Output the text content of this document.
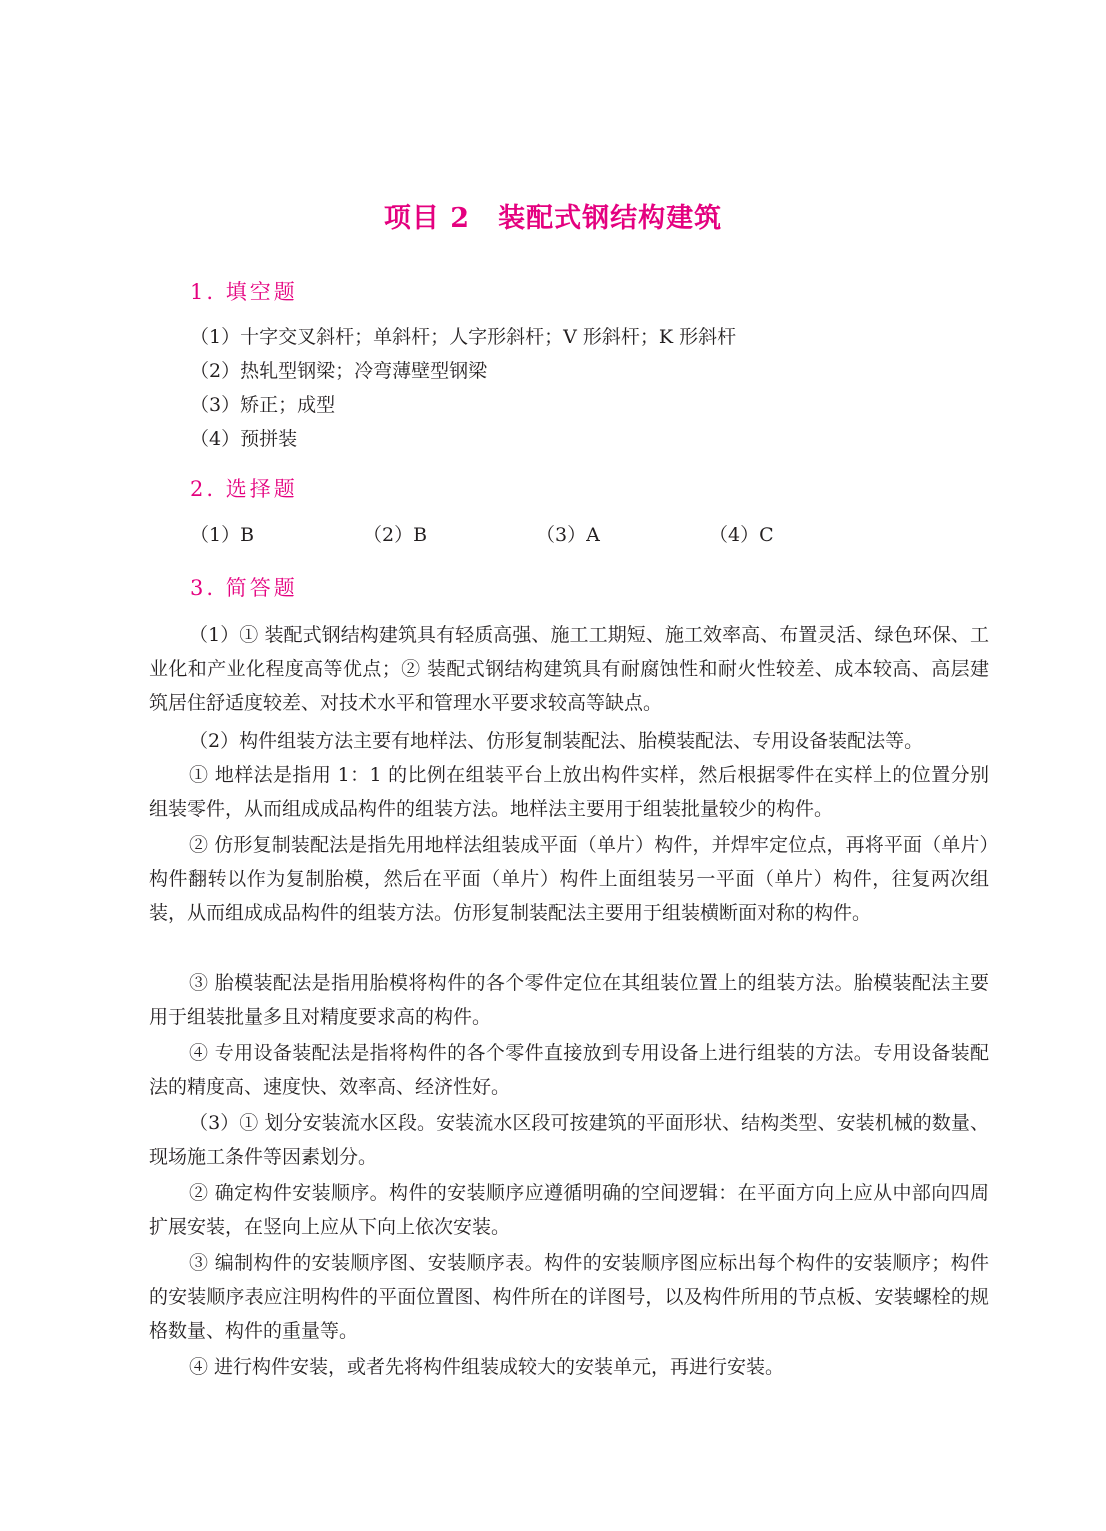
项目 2　装配式钢结构建筑
1. 填空题
（1）十字交叉斜杆；单斜杆；人字形斜杆；V 形斜杆；K 形斜杆
（2）热轧型钢梁；冷弯薄壁型钢梁
（3）矫正；成型
（4）预拼装
2. 选择题
（1）B	（2）B	（3）A	（4）C
3. 简答题
（1）① 装配式钢结构建筑具有轻质高强、施工工期短、施工效率高、布置灵活、绿色环保、工业化和产业化程度高等优点；② 装配式钢结构建筑具有耐腐蚀性和耐火性较差、成本较高、高层建筑居住舒适度较差、对技术水平和管理水平要求较高等缺点。
（2）构件组装方法主要有地样法、仿形复制装配法、胎模装配法、专用设备装配法等。
① 地样法是指用 1：1 的比例在组装平台上放出构件实样，然后根据零件在实样上的位置分别组装零件，从而组成成品构件的组装方法。地样法主要用于组装批量较少的构件。
② 仿形复制装配法是指先用地样法组装成平面（单片）构件，并焊牢定位点，再将平面（单片）构件翻转以作为复制胎模，然后在平面（单片）构件上面组装另一平面（单片）构件，往复两次组装，从而组成成品构件的组装方法。仿形复制装配法主要用于组装横断面对称的构件。
③ 胎模装配法是指用胎模将构件的各个零件定位在其组装位置上的组装方法。胎模装配法主要用于组装批量多且对精度要求高的构件。
④ 专用设备装配法是指将构件的各个零件直接放到专用设备上进行组装的方法。专用设备装配法的精度高、速度快、效率高、经济性好。
（3）① 划分安装流水区段。安装流水区段可按建筑的平面形状、结构类型、安装机械的数量、现场施工条件等因素划分。
② 确定构件安装顺序。构件的安装顺序应遵循明确的空间逻辑：在平面方向上应从中部向四周扩展安装，在竖向上应从下向上依次安装。
③ 编制构件的安装顺序图、安装顺序表。构件的安装顺序图应标出每个构件的安装顺序；构件的安装顺序表应注明构件的平面位置图、构件所在的详图号，以及构件所用的节点板、安装螺栓的规格数量、构件的重量等。
④ 进行构件安装，或者先将构件组装成较大的安装单元，再进行安装。
